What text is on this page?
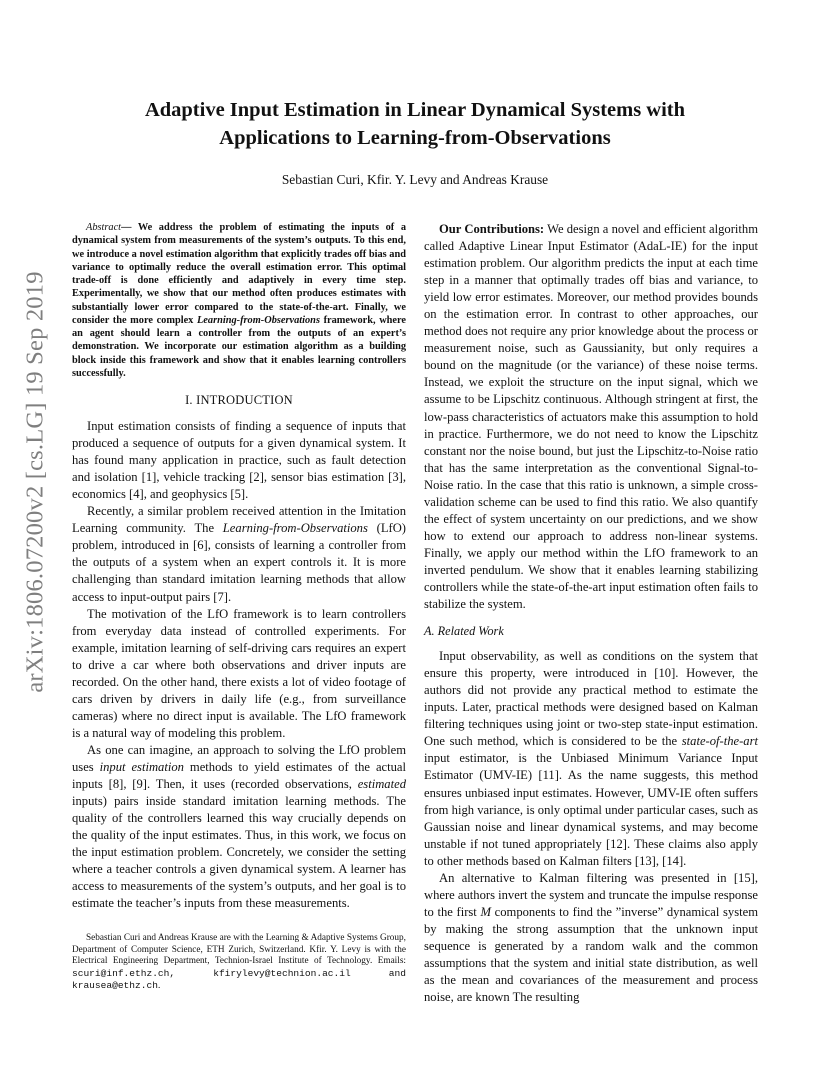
arXiv:1806.07200v2 [cs.LG] 19 Sep 2019
Adaptive Input Estimation in Linear Dynamical Systems with
Applications to Learning-from-Observations
Sebastian Curi, Kfir. Y. Levy and Andreas Krause

Abstract— We address the problem of estimating the inputs of a dynamical system from measurements of the system’s outputs. To this end, we introduce a novel estimation algorithm that explicitly trades off bias and variance to optimally reduce the overall estimation error. This optimal trade-off is done efficiently and adaptively in every time step. Experimentally, we show that our method often produces estimates with substantially lower error compared to the state-of-the-art. Finally, we consider the more complex Learning-from-Observations framework, where an agent should learn a controller from the outputs of an expert’s demonstration. We incorporate our estimation algorithm as a building block inside this framework and show that it enables learning controllers successfully.

I. INTRODUCTION

Input estimation consists of finding a sequence of inputs that produced a sequence of outputs for a given dynamical system. It has found many application in practice, such as fault detection and isolation [1], vehicle tracking [2], sensor bias estimation [3], economics [4], and geophysics [5].

Recently, a similar problem received attention in the Imitation Learning community. The Learning-from-Observations (LfO) problem, introduced in [6], consists of learning a controller from the outputs of a system when an expert controls it. It is more challenging than standard imitation learning methods that allow access to input-output pairs [7].

The motivation of the LfO framework is to learn controllers from everyday data instead of controlled experiments. For example, imitation learning of self-driving cars requires an expert to drive a car where both observations and driver inputs are recorded. On the other hand, there exists a lot of video footage of cars driven by drivers in daily life (e.g., from surveillance cameras) where no direct input is available. The LfO framework is a natural way of modeling this problem.

As one can imagine, an approach to solving the LfO problem uses input estimation methods to yield estimates of the actual inputs [8], [9]. Then, it uses (recorded observations, estimated inputs) pairs inside standard imitation learning methods. The quality of the controllers learned this way crucially depends on the quality of the input estimates. Thus, in this work, we focus on the input estimation problem. Concretely, we consider the setting where a teacher controls a given dynamical system. A learner has access to measurements of the system’s outputs, and her goal is to estimate the teacher’s inputs from these measurements.

Sebastian Curi and Andreas Krause are with the Learning & Adaptive Systems Group, Department of Computer Science, ETH Zurich, Switzerland. Kfir. Y. Levy is with the Electrical Engineering Department, Technion-Israel Institute of Technology. Emails: scuri@inf.ethz.ch, kfirylevy@technion.ac.il and krausea@ethz.ch.

Our Contributions: We design a novel and efficient algorithm called Adaptive Linear Input Estimator (AdaL-IE) for the input estimation problem. Our algorithm predicts the input at each time step in a manner that optimally trades off bias and variance, to yield low error estimates. Moreover, our method provides bounds on the estimation error. In contrast to other approaches, our method does not require any prior knowledge about the process or measurement noise, such as Gaussianity, but only requires a bound on the magnitude (or the variance) of these noise terms. Instead, we exploit the structure on the input signal, which we assume to be Lipschitz continuous. Although stringent at first, the low-pass characteristics of actuators make this assumption to hold in practice. Furthermore, we do not need to know the Lipschitz constant nor the noise bound, but just the Lipschitz-to-Noise ratio that has the same interpretation as the conventional Signal-to-Noise ratio. In the case that this ratio is unknown, a simple cross-validation scheme can be used to find this ratio. We also quantify the effect of system uncertainty on our predictions, and we show how to extend our approach to address non-linear systems. Finally, we apply our method within the LfO framework to an inverted pendulum. We show that it enables learning stabilizing controllers while the state-of-the-art input estimation often fails to stabilize the system.

A. Related Work

Input observability, as well as conditions on the system that ensure this property, were introduced in [10]. However, the authors did not provide any practical method to estimate the inputs. Later, practical methods were designed based on Kalman filtering techniques using joint or two-step state-input estimation. One such method, which is considered to be the state-of-the-art input estimator, is the Unbiased Minimum Variance Input Estimator (UMV-IE) [11]. As the name suggests, this method ensures unbiased input estimates. However, UMV-IE often suffers from high variance, is only optimal under particular cases, such as Gaussian noise and linear dynamical systems, and may become unstable if not tuned appropriately [12]. These claims also apply to other methods based on Kalman filters [13], [14].

An alternative to Kalman filtering was presented in [15], where authors invert the system and truncate the impulse response to the first M components to find the ”inverse” dynamical system by making the strong assumption that the unknown input sequence is generated by a random walk and the common assumptions that the system and initial state distribution, as well as the mean and covariances of the measurement and process noise, are known The resulting
